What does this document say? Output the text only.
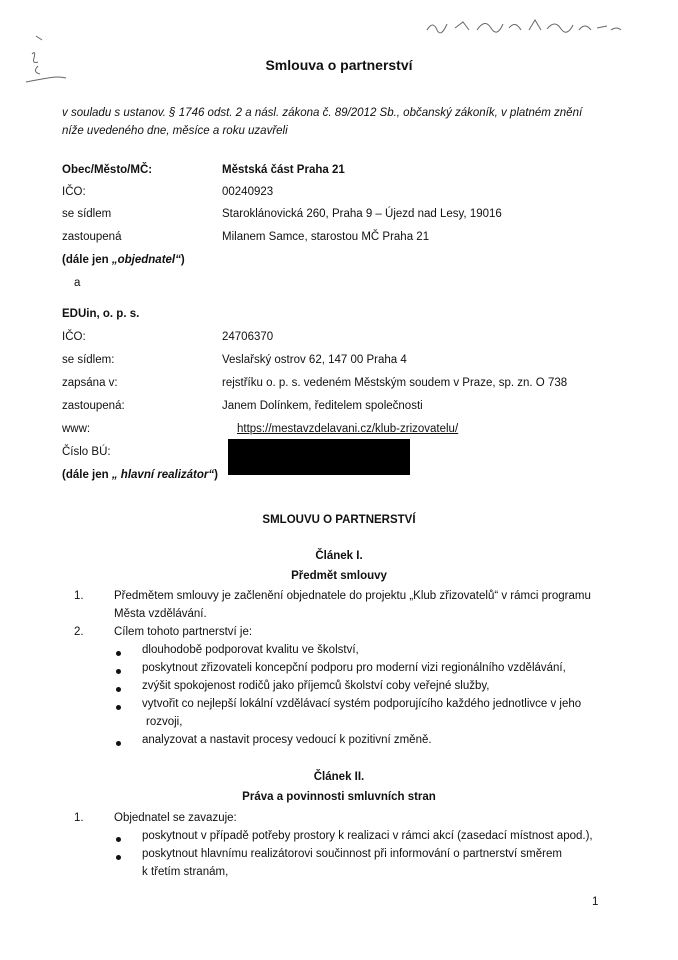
Smlouva o partnerství
v souladu s ustanov. § 1746 odst. 2 a násl. zákona č. 89/2012 Sb., občanský zákoník, v platném znění
níže uvedeného dne, měsíce a roku uzavřeli
Obec/Město/MČ:	Městská část Praha 21
IČO:	00240923
se sídlem	Staroklánovická 260, Praha 9 – Újezd nad Lesy, 19016
zastoupená	Milanem Samce, starostou MČ Praha 21
(dále jen „objednatel“)
a
EDUin, o. p. s.
IČO:	24706370
se sídlem:	Veslařský ostrov 62, 147 00 Praha 4
zapsána v:	rejstříku o. p. s. vedeném Městským soudem v Praze, sp. zn. O 738
zastoupená:	Janem Dolínkem, ředitelem společnosti
www:	https://mestavzdelavani.cz/klub-zrizovatelu/
Číslo BÚ:
(dále jen „ hlavní realizátor“)
SMLOUVU O PARTNERSTVÍ
Článek I.
Předmět smlouvy
1.	Předmětem smlouvy je začlenění objednatele do projektu „Klub zřizovatelů“ v rámci programu
Města vzdělávání.
2.	Cílem tohoto partnerství je:
dlouhodobě podporovat kvalitu ve školství,
poskytnout zřizovateli koncepční podporu pro moderní vizi regionálního vzdělávání,
zvýšit spokojenost rodičů jako příjemců školství coby veřejné služby,
vytvořit co nejlepší lokální vzdělávací systém podporujícího každého jednotlivce v jeho
rozvoji,
analyzovat a nastavit procesy vedoucí k pozitivní změně.
Článek II.
Práva a povinnosti smluvních stran
1.	Objednatel se zavazuje:
poskytnout v případě potřeby prostory k realizaci v rámci akcí (zasedací místnost apod.),
poskytnout hlavnímu realizátorovi součinnost při informování o partnerství směrem
k třetím stranám,
1
